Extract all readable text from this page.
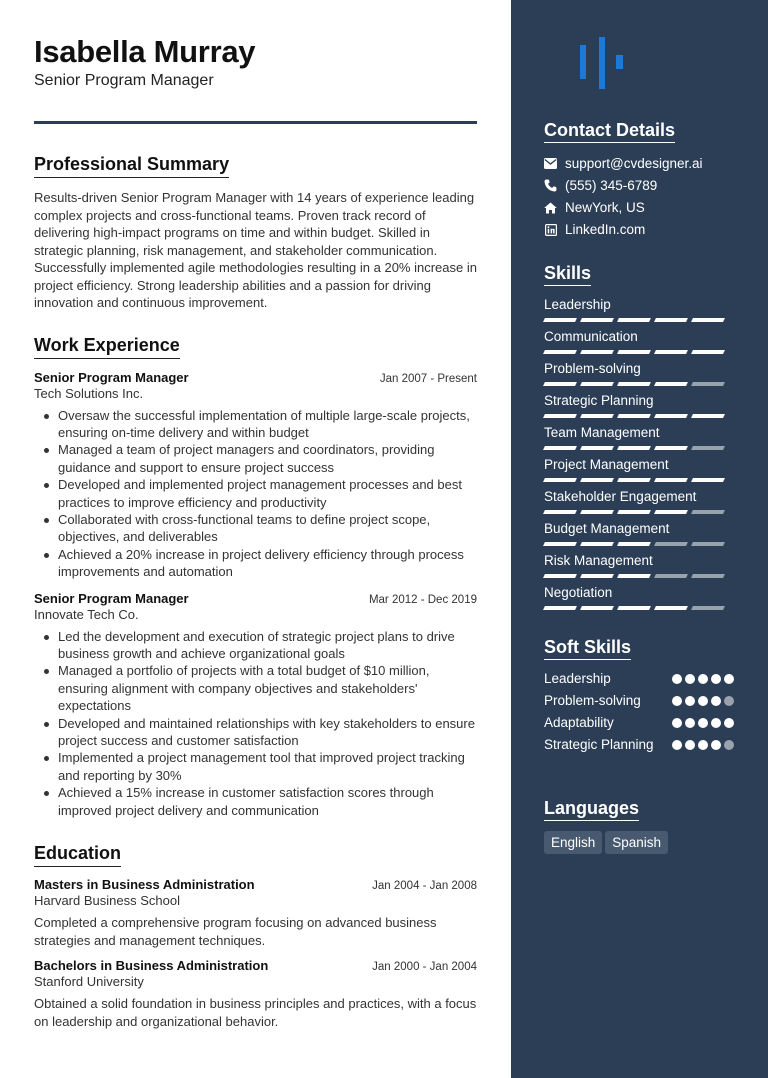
Isabella Murray
Senior Program Manager
Professional Summary
Results-driven Senior Program Manager with 14 years of experience leading complex projects and cross-functional teams. Proven track record of delivering high-impact programs on time and within budget. Skilled in strategic planning, risk management, and stakeholder communication. Successfully implemented agile methodologies resulting in a 20% increase in project efficiency. Strong leadership abilities and a passion for driving innovation and continuous improvement.
Work Experience
Senior Program Manager	Jan 2007 - Present
Tech Solutions Inc.
Oversaw the successful implementation of multiple large-scale projects, ensuring on-time delivery and within budget
Managed a team of project managers and coordinators, providing guidance and support to ensure project success
Developed and implemented project management processes and best practices to improve efficiency and productivity
Collaborated with cross-functional teams to define project scope, objectives, and deliverables
Achieved a 20% increase in project delivery efficiency through process improvements and automation
Senior Program Manager	Mar 2012 - Dec 2019
Innovate Tech Co.
Led the development and execution of strategic project plans to drive business growth and achieve organizational goals
Managed a portfolio of projects with a total budget of $10 million, ensuring alignment with company objectives and stakeholders' expectations
Developed and maintained relationships with key stakeholders to ensure project success and customer satisfaction
Implemented a project management tool that improved project tracking and reporting by 30%
Achieved a 15% increase in customer satisfaction scores through improved project delivery and communication
Education
Masters in Business Administration	Jan 2004 - Jan 2008
Harvard Business School
Completed a comprehensive program focusing on advanced business strategies and management techniques.
Bachelors in Business Administration	Jan 2000 - Jan 2004
Stanford University
Obtained a solid foundation in business principles and practices, with a focus on leadership and organizational behavior.
Contact Details
support@cvdesigner.ai
(555) 345-6789
NewYork, US
LinkedIn.com
Skills
Leadership
Communication
Problem-solving
Strategic Planning
Team Management
Project Management
Stakeholder Engagement
Budget Management
Risk Management
Negotiation
Soft Skills
Leadership
Problem-solving
Adaptability
Strategic Planning
Languages
English Spanish
